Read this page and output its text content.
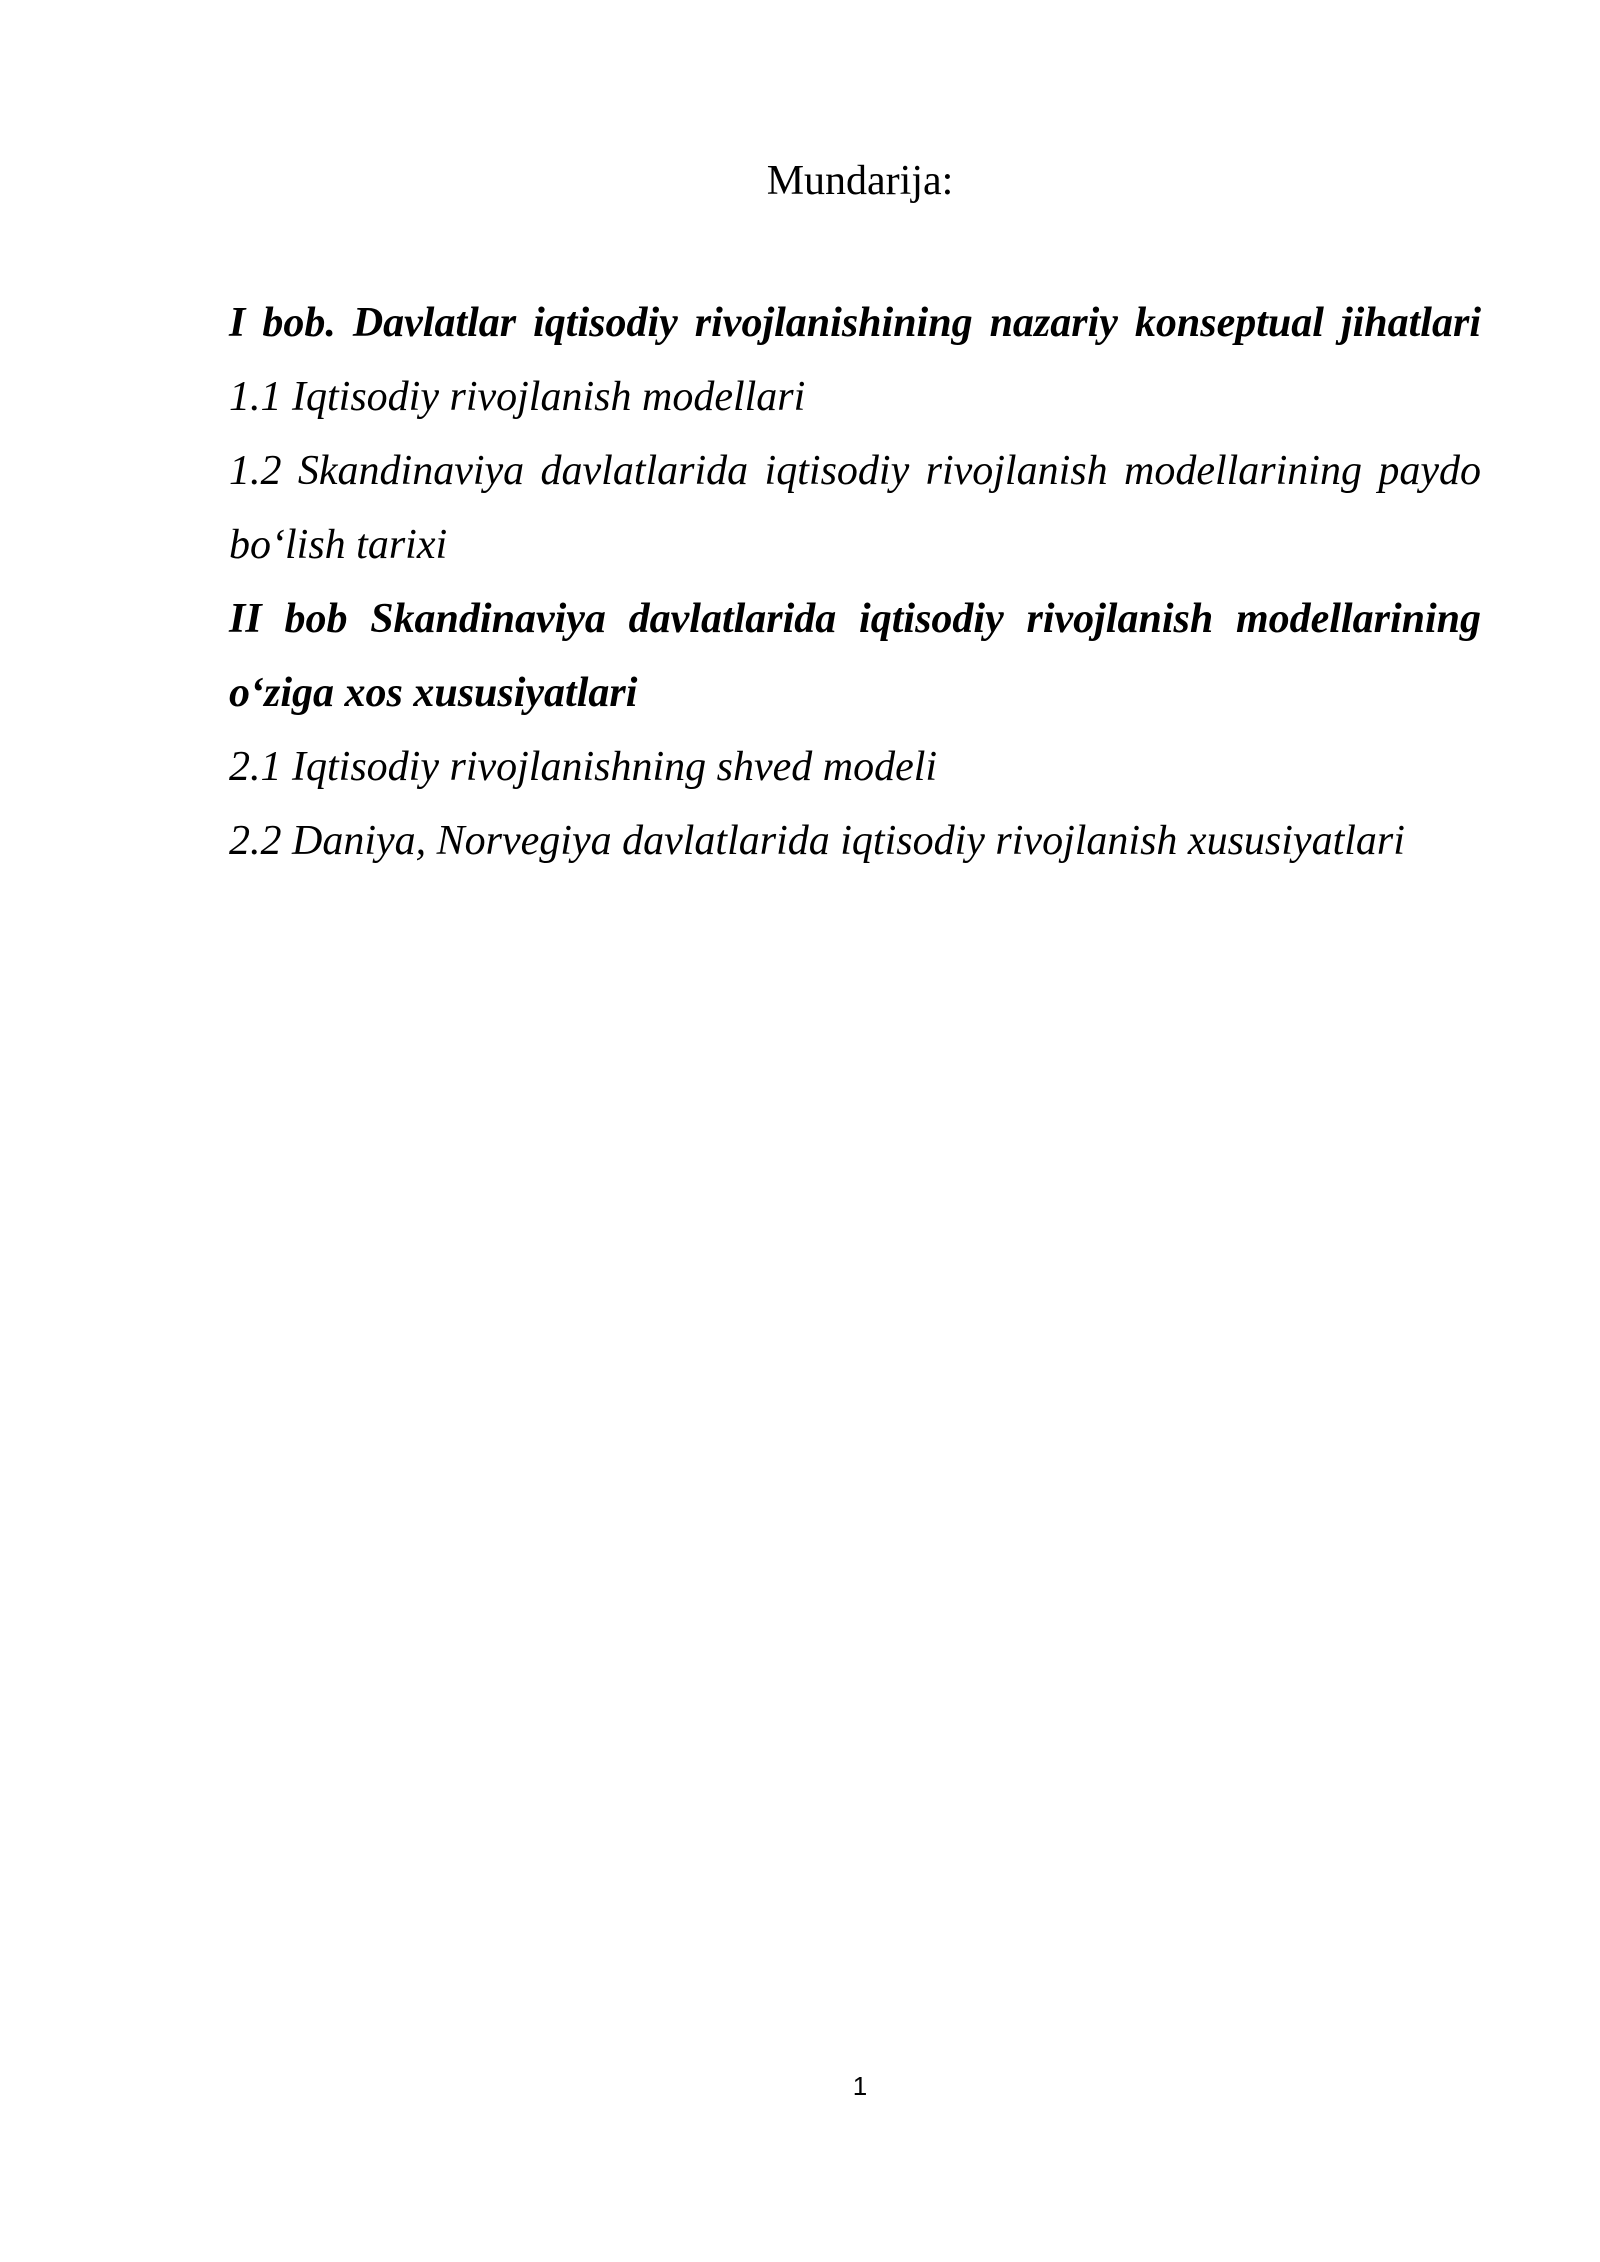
Mundarija:
I bob. Davlatlar iqtisodiy rivojlanishining nazariy konseptual jihatlari
1.1 Iqtisodiy rivojlanish modellari
1.2 Skandinaviya davlatlarida iqtisodiy rivojlanish modellarining paydo bo‘lish tarixi
II bob Skandinaviya davlatlarida iqtisodiy rivojlanish modellarining o‘ziga xos xususiyatlari
2.1 Iqtisodiy rivojlanishning shved modeli
2.2 Daniya, Norvegiya davlatlarida iqtisodiy rivojlanish xususiyatlari
1
